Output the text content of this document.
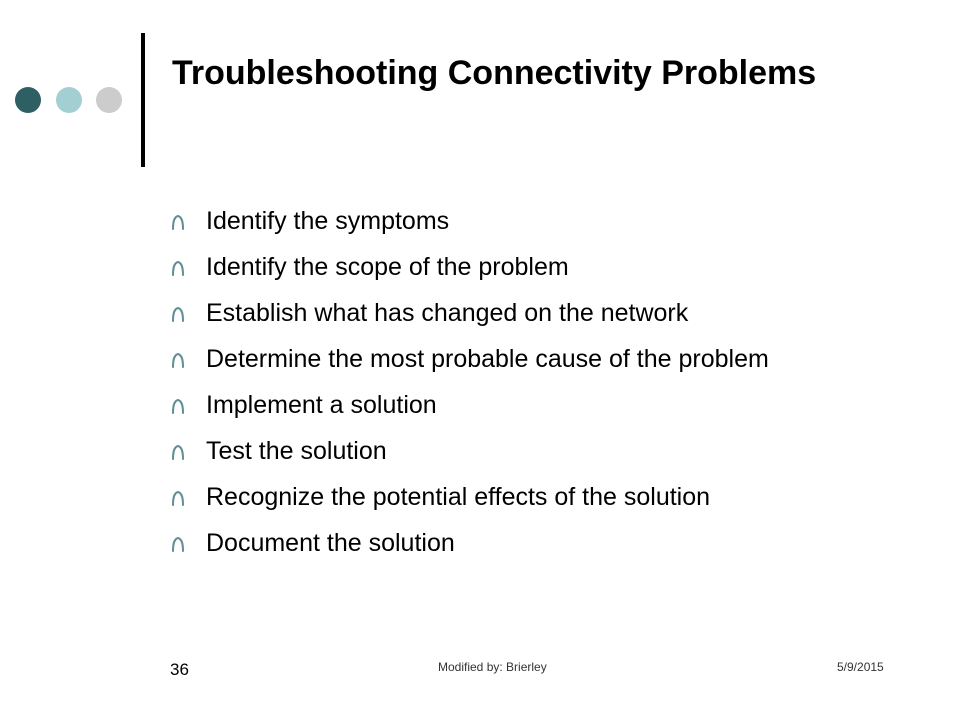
Troubleshooting Connectivity Problems
Identify the symptoms
Identify the scope of the problem
Establish what has changed on the network
Determine the most probable cause of the problem
Implement a solution
Test the solution
Recognize the potential effects of the solution
Document the solution
36	Modified by: Brierley	5/9/2015
